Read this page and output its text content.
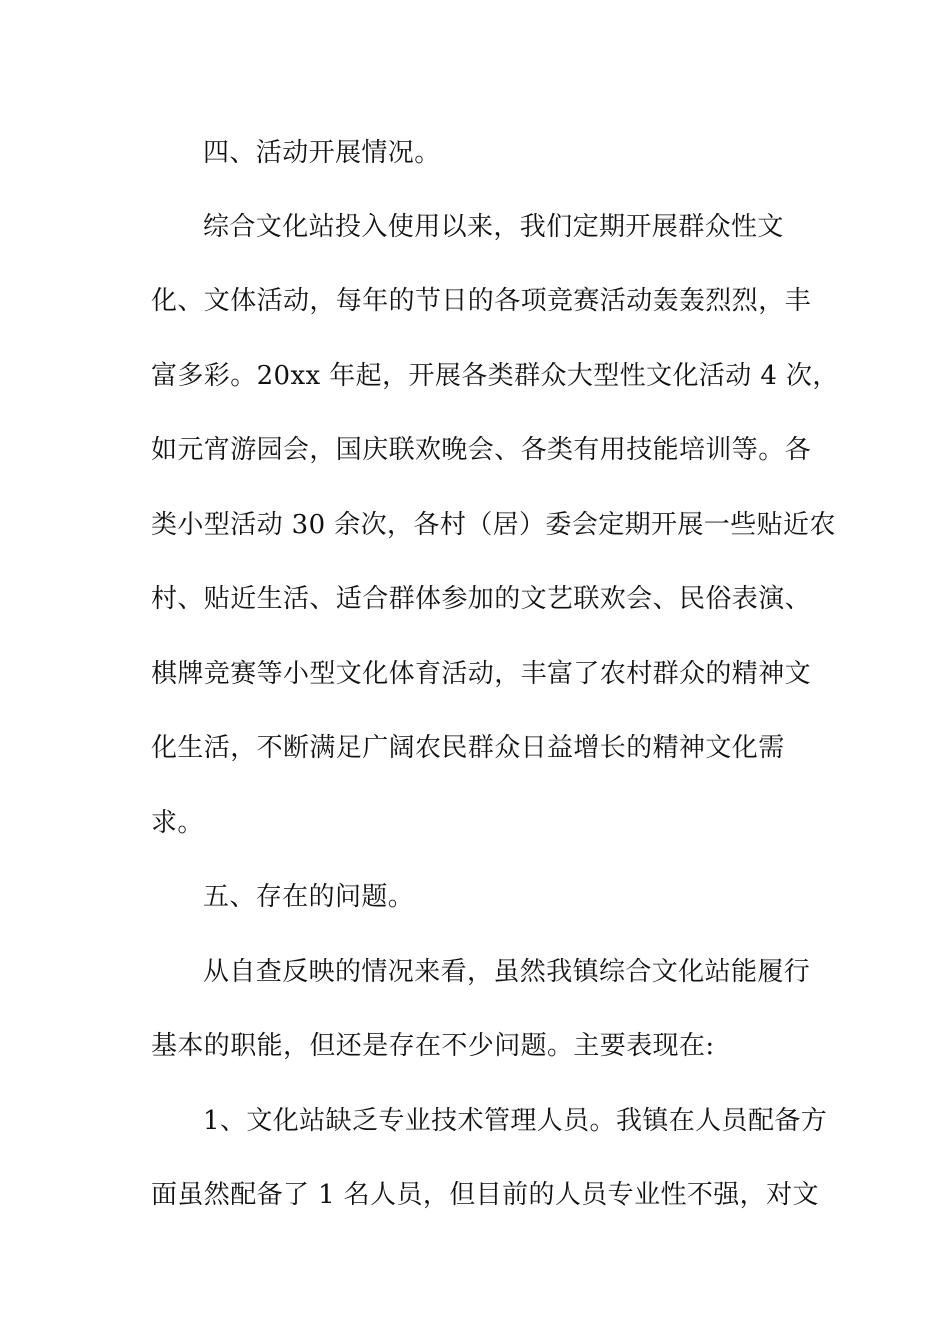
四、活动开展情况。
综合文化站投入使用以来，我们定期开展群众性文
化、文体活动，每年的节日的各项竞赛活动轰轰烈烈，丰
富多彩。20xx 年起，开展各类群众大型性文化活动 4 次，
如元宵游园会，国庆联欢晚会、各类有用技能培训等。各
类小型活动 30 余次，各村（居）委会定期开展一些贴近农
村、贴近生活、适合群体参加的文艺联欢会、民俗表演、
棋牌竞赛等小型文化体育活动，丰富了农村群众的精神文
化生活，不断满足广阔农民群众日益增长的精神文化需
求。
五、存在的问题。
从自查反映的情况来看，虽然我镇综合文化站能履行
基本的职能，但还是存在不少问题。主要表现在:
1、文化站缺乏专业技术管理人员。我镇在人员配备方
面虽然配备了 1 名人员，但目前的人员专业性不强，对文
